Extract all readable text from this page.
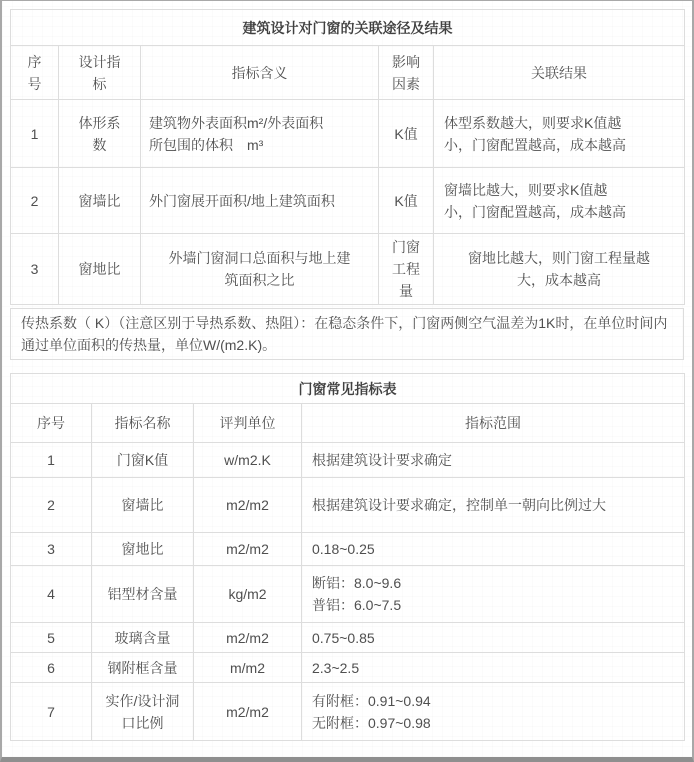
建筑设计对门窗的关联途径及结果				
序号	设计指标	指标含义	影响因素	关联结果
1	体形系数	建筑物外表面积m²/外表面积所包围的体积　m³	K值	体型系数越大，则要求K值越小，门窗配置越高，成本越高
2	窗墙比	外门窗展开面积/地上建筑面积	K值	窗墙比越大，则要求K值越小，门窗配置越高，成本越高
3	窗地比	外墙门窗洞口总面积与地上建筑面积之比	门窗工程量	窗地比越大，则门窗工程量越大，成本越高
传热系数（ K）（注意区别于导热系数、热阻）：在稳态条件下，门窗两侧空气温差为1K时，在单位时间内通过单位面积的传热量，单位W/(m2.K)。
门窗常见指标表			
序号	指标名称	评判单位	指标范围
1	门窗K值	w/m2.K	根据建筑设计要求确定

2	窗墙比	m2/m2	根据建筑设计要求确定，控制单一朝向比例过大

3	窗地比	m2/m2	0.18~0.25

4	铝型材含量	kg/m2	断铝：8.0~9.6
普铝：6.0~7.5

5	玻璃含量	m2/m2	0.75~0.85

6	钢附框含量	m/m2	2.3~2.5

7	实作/设计洞口比例	m2/m2	有附框：0.91~0.94
无附框：0.97~0.98
